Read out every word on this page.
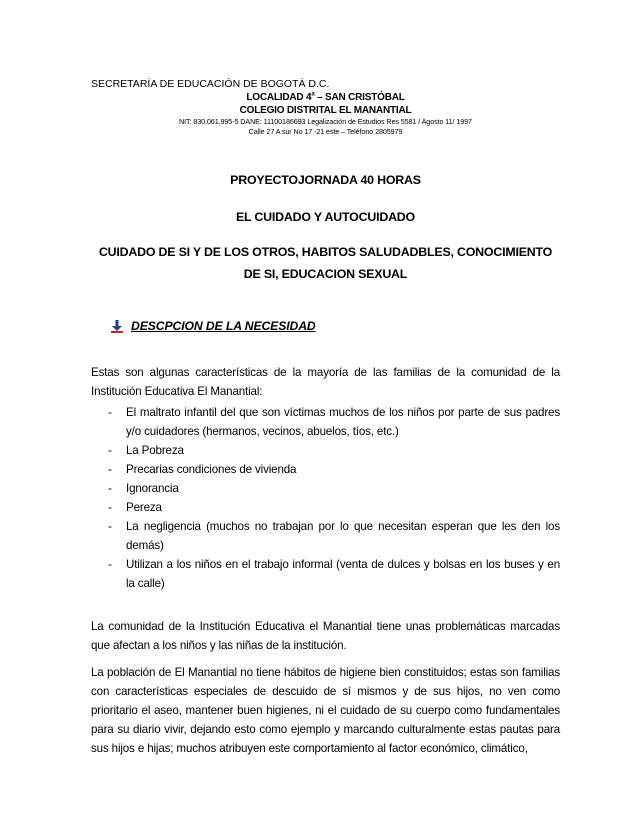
SECRETARÍA DE EDUCACIÓN DE BOGOTÁ D.C.
LOCALIDAD 4$^a$ – SAN CRISTÓBAL
COLEGIO DISTRITAL EL MANANTIAL
NIT: 830.061.995-5 DANE: 11100186693 Legalización de Estudios Res 5581 / Agosto 11/ 1997
Calle 27 A sur No 17 -21 este – Teléfono 2805979
PROYECTOJORNADA 40 HORAS
EL CUIDADO Y AUTOCUIDADO
CUIDADO DE SI Y DE LOS OTROS, HABITOS SALUDADBLES, CONOCIMIENTO DE SI, EDUCACION SEXUAL
DESCPCION DE LA NECESIDAD
Estas son algunas características de la mayoría de las familias de la comunidad de la Institución Educativa El Manantial:
- El maltrato infantil del que son víctimas muchos de los niños por parte de sus padres y/o cuidadores (hermanos, vecinos, abuelos, tíos, etc.)
- La Pobreza
- Precarias condiciones de vivienda
- Ignorancia
- Pereza
- La negligencia (muchos no trabajan por lo que necesitan esperan que les den los demás)
- Utilizan a los niños en el trabajo informal (venta de dulces y bolsas en los buses y en la calle)
La comunidad de la Institución Educativa el Manantial tiene unas problemáticas marcadas que afectan a los niños y las niñas de la institución.
La población de El Manantial no tiene hábitos de higiene bien constituidos; estas son familias con características especiales de descuido de sí mismos y de sus hijos, no ven como prioritario el aseo, mantener buen higienes, ni el cuidado de su cuerpo como fundamentales para su diario vivir, dejando esto como ejemplo y marcando culturalmente estas pautas para sus hijos e hijas; muchos atribuyen este comportamiento al factor económico, climático,
